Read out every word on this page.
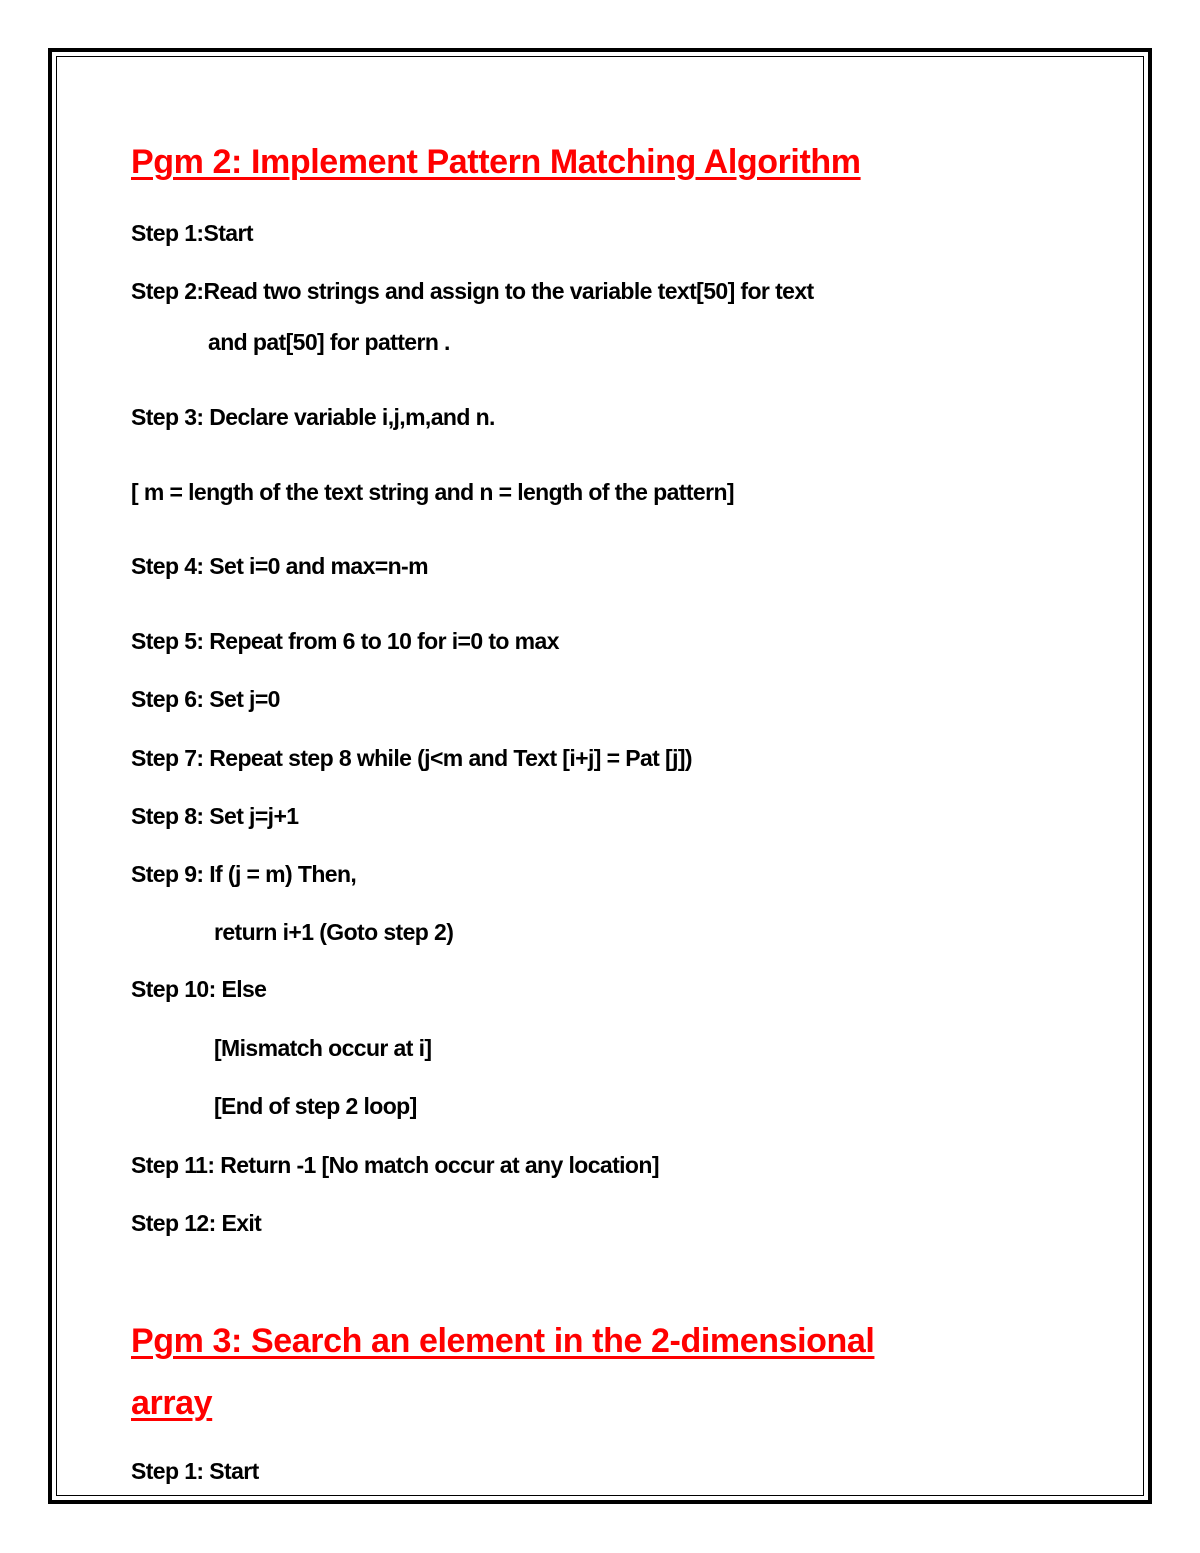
Pgm 2: Implement Pattern Matching Algorithm
Step 1:Start
Step 2:Read two strings and assign to the variable text[50] for text
and pat[50] for pattern .
Step 3: Declare variable i,j,m,and n.
[ m = length of the text string and n = length of the pattern]
Step 4: Set i=0 and max=n-m
Step 5: Repeat from 6 to 10 for i=0 to max
Step 6: Set j=0
Step 7: Repeat step 8 while (j<m and Text [i+j] = Pat [j])
Step 8: Set j=j+1
Step 9: If (j = m) Then,
return i+1 (Goto step 2)
Step 10: Else
[Mismatch occur at i]
[End of step 2 loop]
Step 11: Return -1 [No match occur at any location]
Step 12: Exit
Pgm 3: Search an element in the 2-dimensional
array
Step 1: Start
